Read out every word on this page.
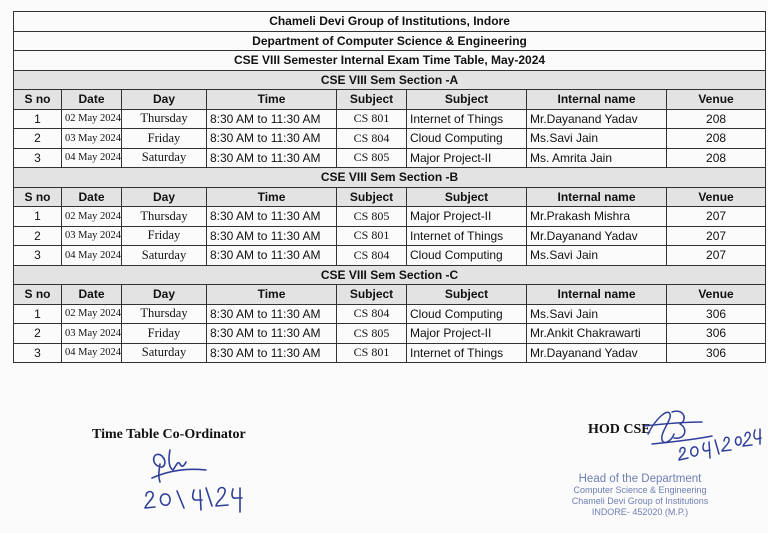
Chameli Devi Group of Institutions, Indore							
Department of Computer Science & Engineering							
CSE VIII Semester Internal Exam Time Table, May-2024							
CSE VIII Sem Section -A							
S no	Date	Day	Time	Subject	Subject	Internal name	Venue
1	02 May 2024	Thursday	8:30 AM to 11:30 AM	CS 801	Internet of Things	Mr.Dayanand Yadav	208
2	03 May 2024	Friday	8:30 AM to 11:30 AM	CS 804	Cloud Computing	Ms.Savi Jain	208
3	04 May 2024	Saturday	8:30 AM to 11:30 AM	CS 805	Major Project-II	Ms. Amrita Jain	208
CSE VIII Sem Section -B							
S no	Date	Day	Time	Subject	Subject	Internal name	Venue
1	02 May 2024	Thursday	8:30 AM to 11:30 AM	CS 805	Major Project-II	Mr.Prakash Mishra	207
2	03 May 2024	Friday	8:30 AM to 11:30 AM	CS 801	Internet of Things	Mr.Dayanand Yadav	207
3	04 May 2024	Saturday	8:30 AM to 11:30 AM	CS 804	Cloud Computing	Ms.Savi Jain	207
CSE VIII Sem Section -C							
S no	Date	Day	Time	Subject	Subject	Internal name	Venue
1	02 May 2024	Thursday	8:30 AM to 11:30 AM	CS 804	Cloud Computing	Ms.Savi Jain	306
2	03 May 2024	Friday	8:30 AM to 11:30 AM	CS 805	Major Project-II	Mr.Ankit Chakrawarti	306
3	04 May 2024	Saturday	8:30 AM to 11:30 AM	CS 801	Internet of Things	Mr.Dayanand Yadav	306
Time Table Co-Ordinator	HOD CSE
Head of the Department
Computer Science & Engineering
Chameli Devi Group of Institutions
INDORE- 452020 (M.P.)
